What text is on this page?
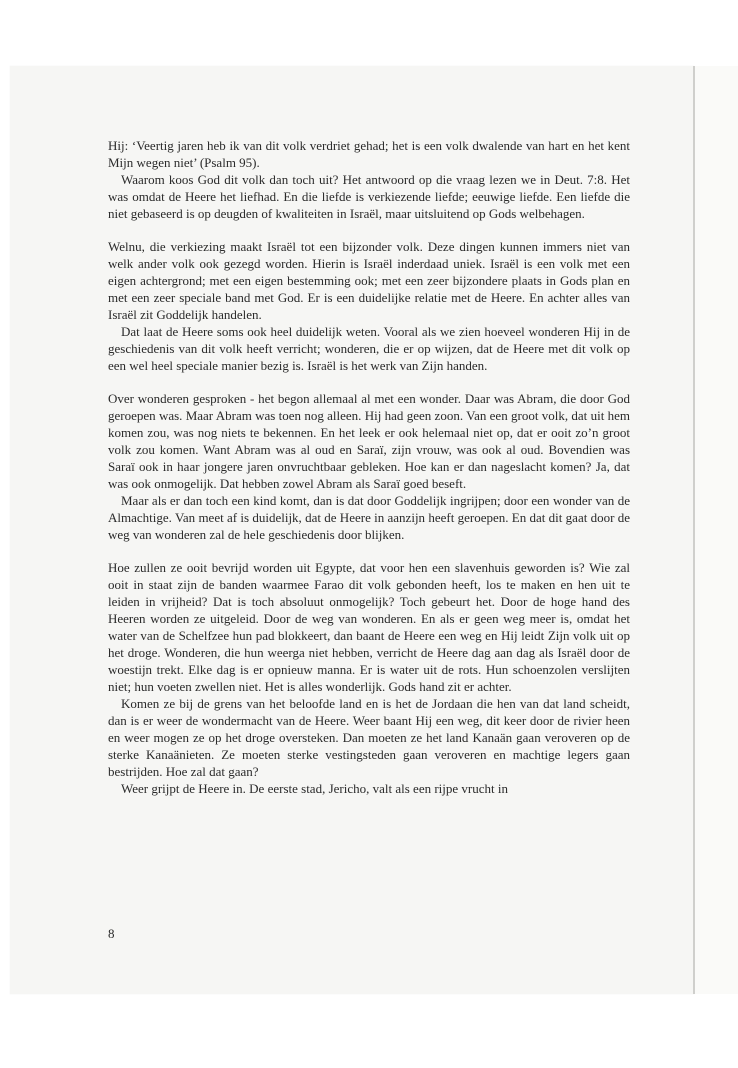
Hij: ‘Veertig jaren heb ik van dit volk verdriet gehad; het is een volk dwalende van hart en het kent Mijn wegen niet’ (Psalm 95).

Waarom koos God dit volk dan toch uit? Het antwoord op die vraag lezen we in Deut. 7:8. Het was omdat de Heere het liefhad. En die liefde is verkiezende liefde; eeuwige liefde. Een liefde die niet gebaseerd is op deugden of kwaliteiten in Israël, maar uitsluitend op Gods welbehagen.

Welnu, die verkiezing maakt Israël tot een bijzonder volk. Deze dingen kunnen immers niet van welk ander volk ook gezegd worden. Hierin is Israël inderdaad uniek. Israël is een volk met een eigen achtergrond; met een eigen bestemming ook; met een zeer bijzondere plaats in Gods plan en met een zeer speciale band met God. Er is een duidelijke relatie met de Heere. En achter alles van Israël zit Goddelijk handelen.

Dat laat de Heere soms ook heel duidelijk weten. Vooral als we zien hoeveel wonderen Hij in de geschiedenis van dit volk heeft verricht; wonderen, die er op wijzen, dat de Heere met dit volk op een wel heel speciale manier bezig is. Israël is het werk van Zijn handen.

Over wonderen gesproken - het begon allemaal al met een wonder. Daar was Abram, die door God geroepen was. Maar Abram was toen nog alleen. Hij had geen zoon. Van een groot volk, dat uit hem komen zou, was nog niets te bekennen. En het leek er ook helemaal niet op, dat er ooit zo’n groot volk zou komen. Want Abram was al oud en Saraï, zijn vrouw, was ook al oud. Bovendien was Saraï ook in haar jongere jaren onvruchtbaar gebleken. Hoe kan er dan nageslacht komen? Ja, dat was ook onmogelijk. Dat hebben zowel Abram als Saraï goed beseft.

Maar als er dan toch een kind komt, dan is dat door Goddelijk ingrijpen; door een wonder van de Almachtige. Van meet af is duidelijk, dat de Heere in aanzijn heeft geroepen. En dat dit gaat door de weg van wonderen zal de hele geschiedenis door blijken.

Hoe zullen ze ooit bevrijd worden uit Egypte, dat voor hen een slavenhuis geworden is? Wie zal ooit in staat zijn de banden waarmee Farao dit volk gebonden heeft, los te maken en hen uit te leiden in vrijheid? Dat is toch absoluut onmogelijk? Toch gebeurt het. Door de hoge hand des Heeren worden ze uitgeleid. Door de weg van wonderen. En als er geen weg meer is, omdat het water van de Schelfzee hun pad blokkeert, dan baant de Heere een weg en Hij leidt Zijn volk uit op het droge. Wonderen, die hun weerga niet hebben, verricht de Heere dag aan dag als Israël door de woestijn trekt. Elke dag is er opnieuw manna. Er is water uit de rots. Hun schoenzolen verslijten niet; hun voeten zwellen niet. Het is alles wonderlijk. Gods hand zit er achter.

Komen ze bij de grens van het beloofde land en is het de Jordaan die hen van dat land scheidt, dan is er weer de wondermacht van de Heere. Weer baant Hij een weg, dit keer door de rivier heen en weer mogen ze op het droge oversteken. Dan moeten ze het land Kanaän gaan veroveren op de sterke Kanaänieten. Ze moeten sterke vestingsteden gaan veroveren en machtige legers gaan bestrijden. Hoe zal dat gaan?

Weer grijpt de Heere in. De eerste stad, Jericho, valt als een rijpe vrucht in

8
